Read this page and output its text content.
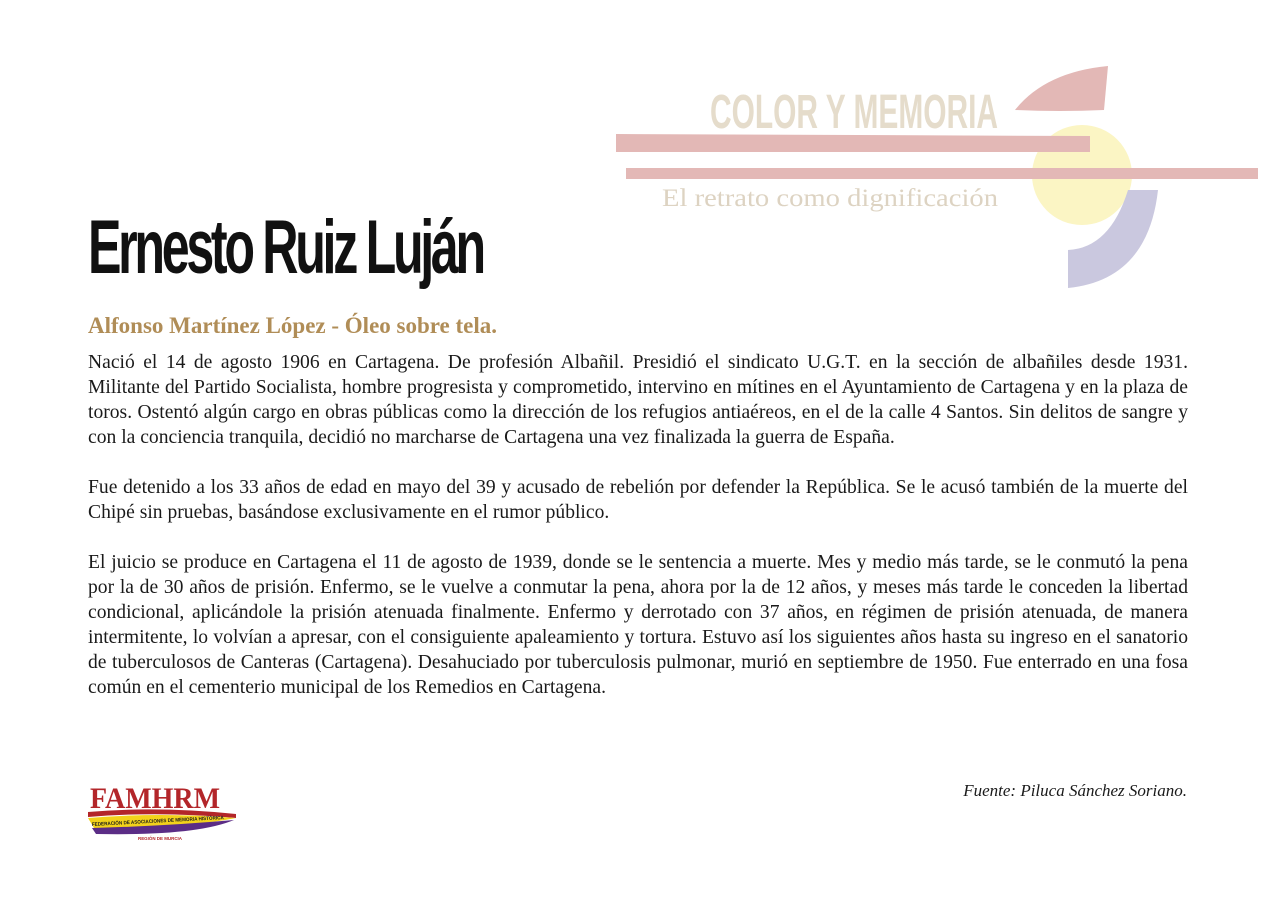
COLOR Y MEMORIA
El retrato como dignificación
Ernesto Ruiz Luján

Alfonso Martínez López - Óleo sobre tela.

Nació el 14 de agosto 1906 en Cartagena. De profesión Albañil. Presidió el sindicato U.G.T. en la sección de albañiles desde 1931. Militante del Partido Socialista, hombre progresista y comprometido, intervino en mítines en el Ayuntamiento de Cartagena y en la plaza de toros. Ostentó algún cargo en obras públicas como la dirección de los refugios antiaéreos, en el de la calle 4 Santos. Sin delitos de sangre y con la conciencia tranquila, decidió no marcharse de Cartagena una vez finalizada la guerra de España.

Fue detenido a los 33 años de edad en mayo del 39 y acusado de rebelión por defender la República. Se le acusó también de la muerte del Chipé sin pruebas, basándose exclusivamente en el rumor público.

El juicio se produce en Cartagena el 11 de agosto de 1939, donde se le sentencia a muerte. Mes y medio más tarde, se le conmutó la pena por la de 30 años de prisión. Enfermo, se le vuelve a conmutar la pena, ahora por la de 12 años, y meses más tarde le conceden la libertad condicional, aplicándole la prisión atenuada finalmente. Enfermo y derrotado con 37 años, en régimen de prisión atenuada, de manera intermitente, lo volvían a apresar, con el consiguiente apaleamiento y tortura. Estuvo así los siguientes años hasta su ingreso en el sanatorio de tuberculosos de Canteras (Cartagena). Desahuciado por tuberculosis pulmonar, murió en septiembre de 1950. Fue enterrado en una fosa común en el cementerio municipal de los Remedios en Cartagena.

Fuente: Piluca Sánchez Soriano.

FAMHRM
FEDERACIÓN DE ASOCIACIONES DE MEMORIA HISTÓRICA
REGIÓN DE MURCIA
